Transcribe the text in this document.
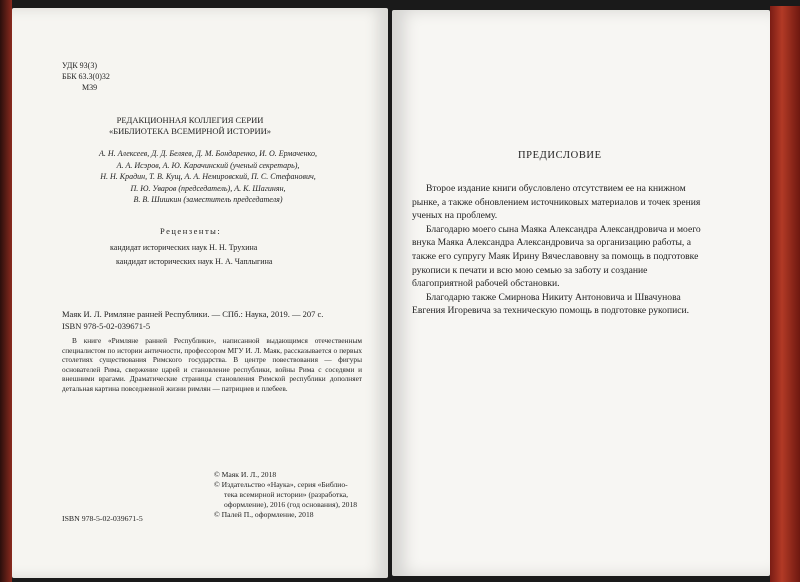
УДК 93(3)
ББК 63.3(0)32
М39
РЕДАКЦИОННАЯ КОЛЛЕГИЯ СЕРИИ
«БИБЛИОТЕКА ВСЕМИРНОЙ ИСТОРИИ»
А. Н. Алексеев, Д. Д. Беляев, Д. М. Бондаренко, И. О. Ермаченко,
А. А. Исэров, А. Ю. Карачинский (ученый секретарь),
Н. Н. Крадин, Т. В. Кущ, А. А. Немировский, П. С. Стефанович,
П. Ю. Уваров (председатель), А. К. Шагинян,
В. В. Шишкин (заместитель председателя)
Рецензенты:
кандидат исторических наук Н. Н. Трухина
кандидат исторических наук Н. А. Чаплыгина
Маяк И. Л. Римляне ранней Республики. — СПб.: Наука, 2019. — 207 с.
ISBN 978-5-02-039671-5
В книге «Римляне ранней Республики», написанной выдающимся отечественным специалистом по истории античности, профессором МГУ И. Л. Маяк, рассказывается о первых столетиях существования Римского государства. В центре повествования — фигуры основателей Рима, свержение царей и становление республики, войны Рима с соседями и внешними врагами. Драматические страницы становления Римской республики дополняет детальная картина повседневной жизни римлян — патрициев и плебеев.
© Маяк И. Л., 2018
© Издательство «Наука», серия «Библио-
тека всемирной истории» (разработка,
оформление), 2016 (год основания), 2018
© Палей П., оформление, 2018
ISBN 978-5-02-039671-5
ПРЕДИСЛОВИЕ

Второе издание книги обусловлено отсутствием ее на книжном рынке, а также обновлением источниковых материалов и точек зрения ученых на проблему.

Благодарю моего сына Маяка Александра Александровича и моего внука Маяка Александра Александровича за организацию работы, а также его супругу Маяк Ирину Вячеславовну за помощь в подготовке рукописи к печати и всю мою семью за заботу и создание благоприятной рабочей обстановки.

Благодарю также Смирнова Никиту Антоновича и Швачунова Евгения Игоревича за техническую помощь в подготовке рукописи.
